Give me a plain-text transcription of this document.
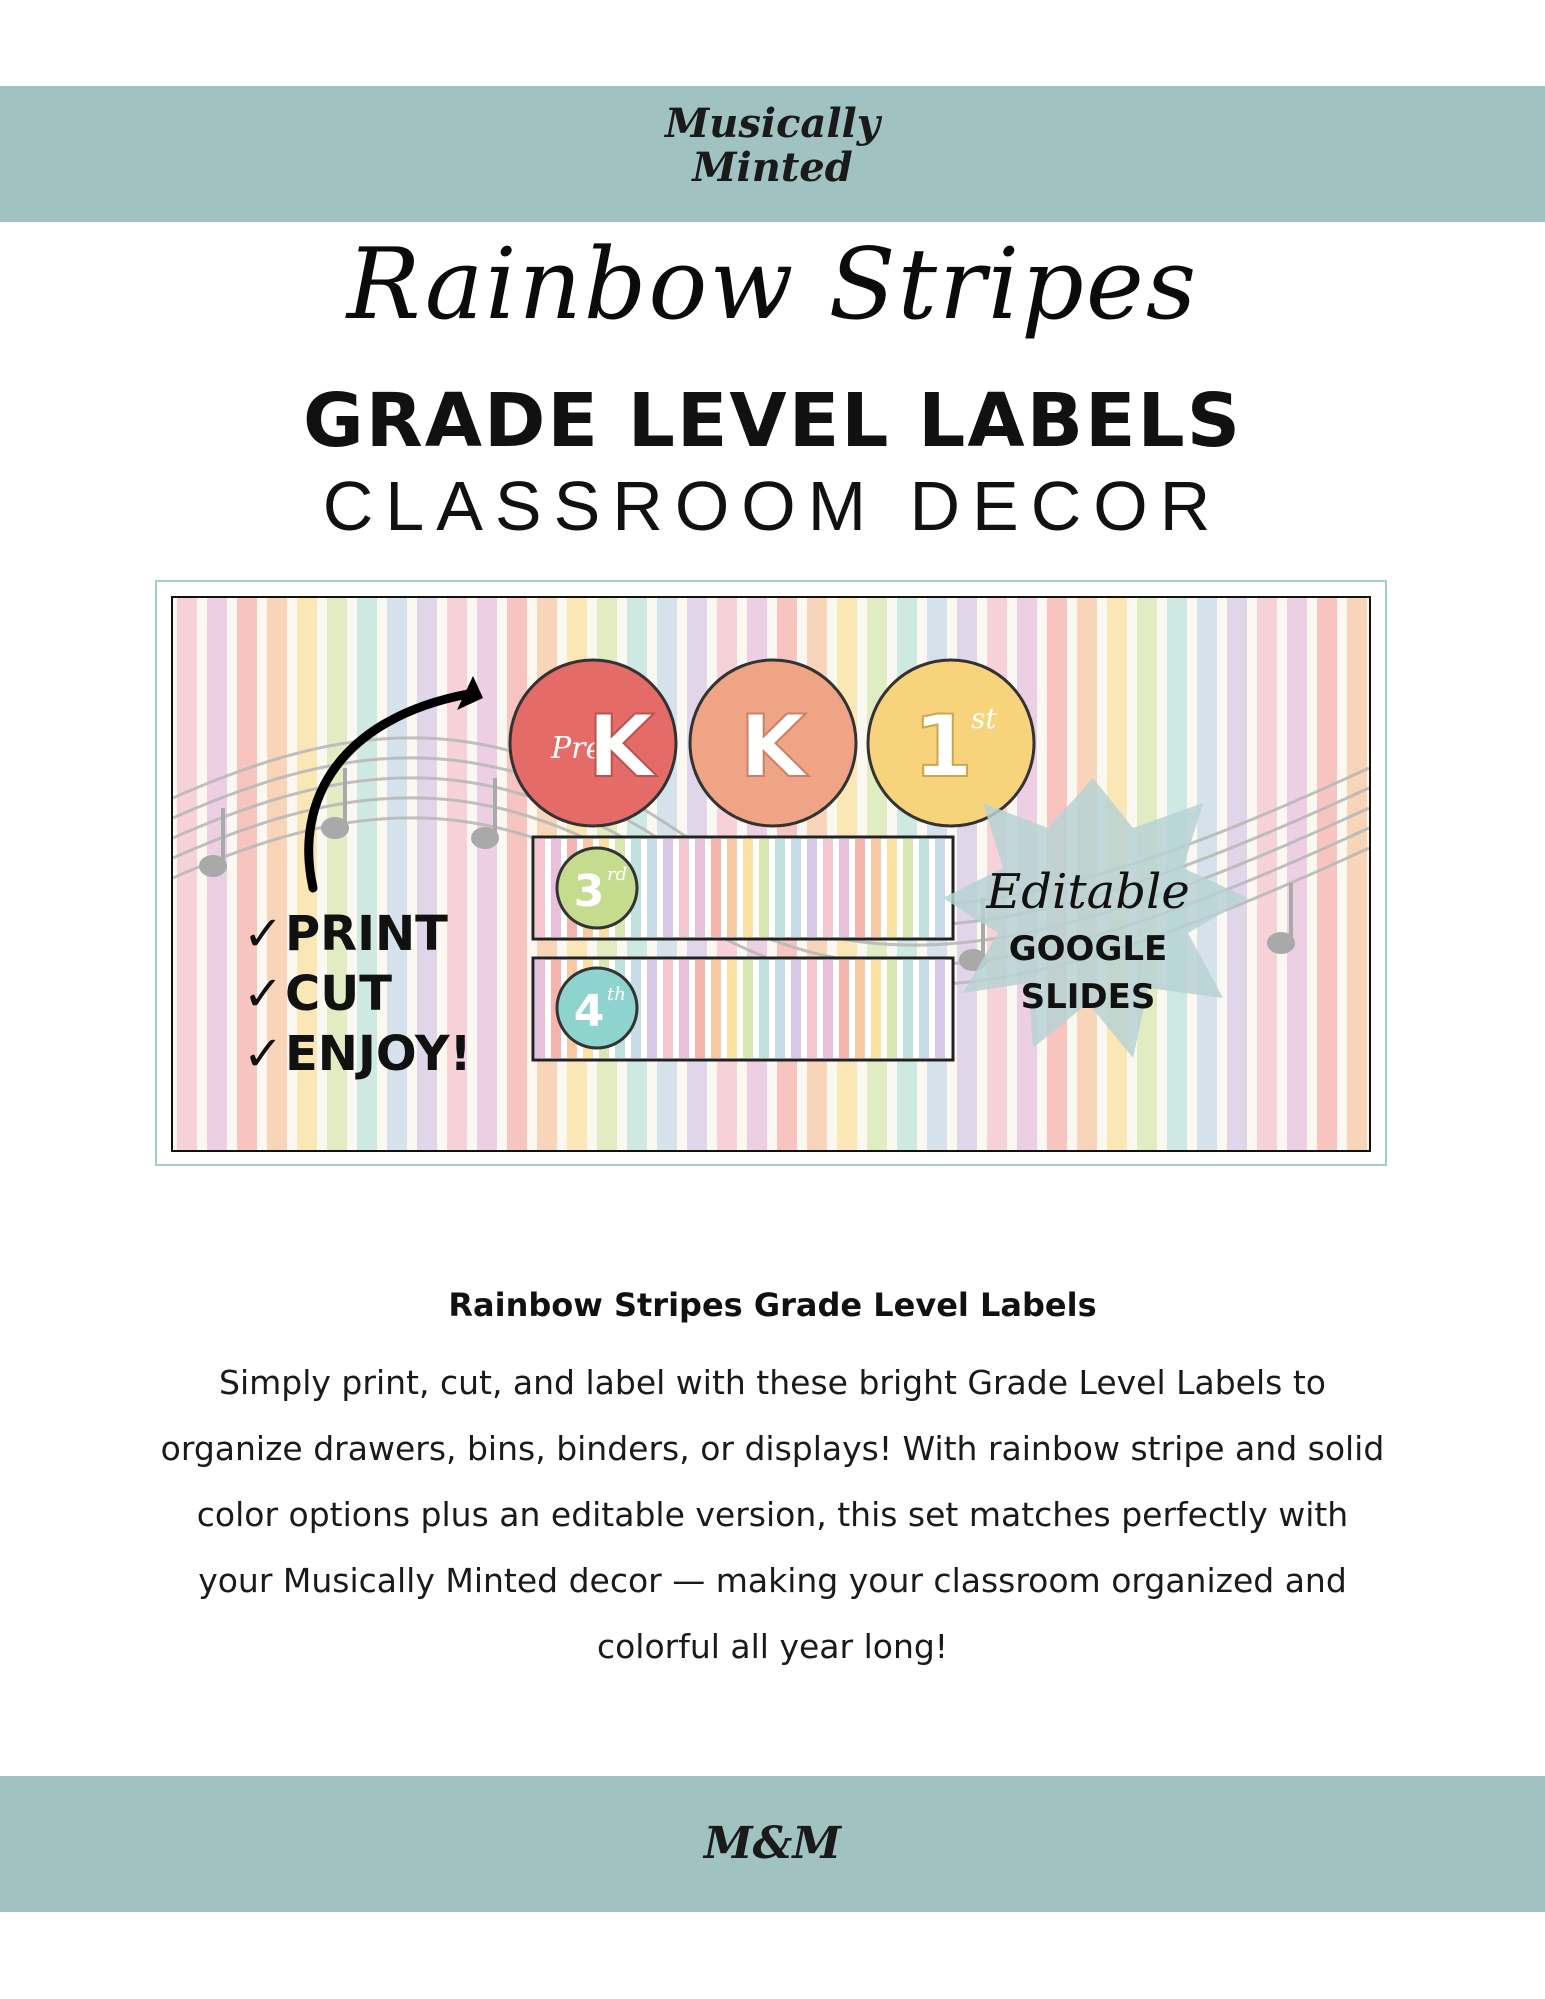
Musically
Minted
Rainbow Stripes
GRADE LEVEL LABELS
CLASSROOM DECOR
Pre
K K 1
st
3 rd
4 th
✓ PRINT
✓ CUT
✓ ENJOY!
Editable
GOOGLE
SLIDES
Rainbow Stripes Grade Level Labels
Simply print, cut, and label with these bright Grade Level Labels to organize drawers, bins, binders, or displays! With rainbow stripe and solid color options plus an editable version, this set matches perfectly with your Musically Minted decor — making your classroom organized and colorful all year long!
M&M
